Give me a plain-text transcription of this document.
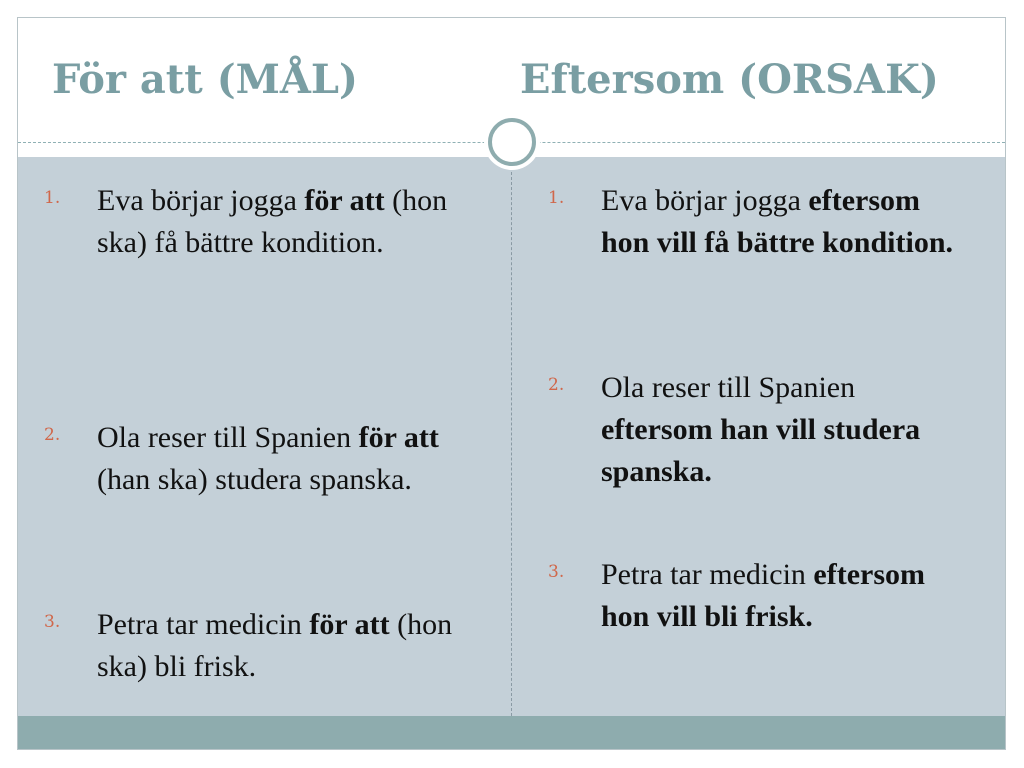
För att (MÅL)	Eftersom (ORSAK)
1. Eva börjar jogga för att (hon ska) få bättre kondition.
2. Ola reser till Spanien för att (han ska) studera spanska.
3. Petra tar medicin för att (hon ska) bli frisk.
1. Eva börjar jogga eftersom hon vill få bättre kondition.
2. Ola reser till Spanien eftersom han vill studera spanska.
3. Petra tar medicin eftersom hon vill bli frisk.
